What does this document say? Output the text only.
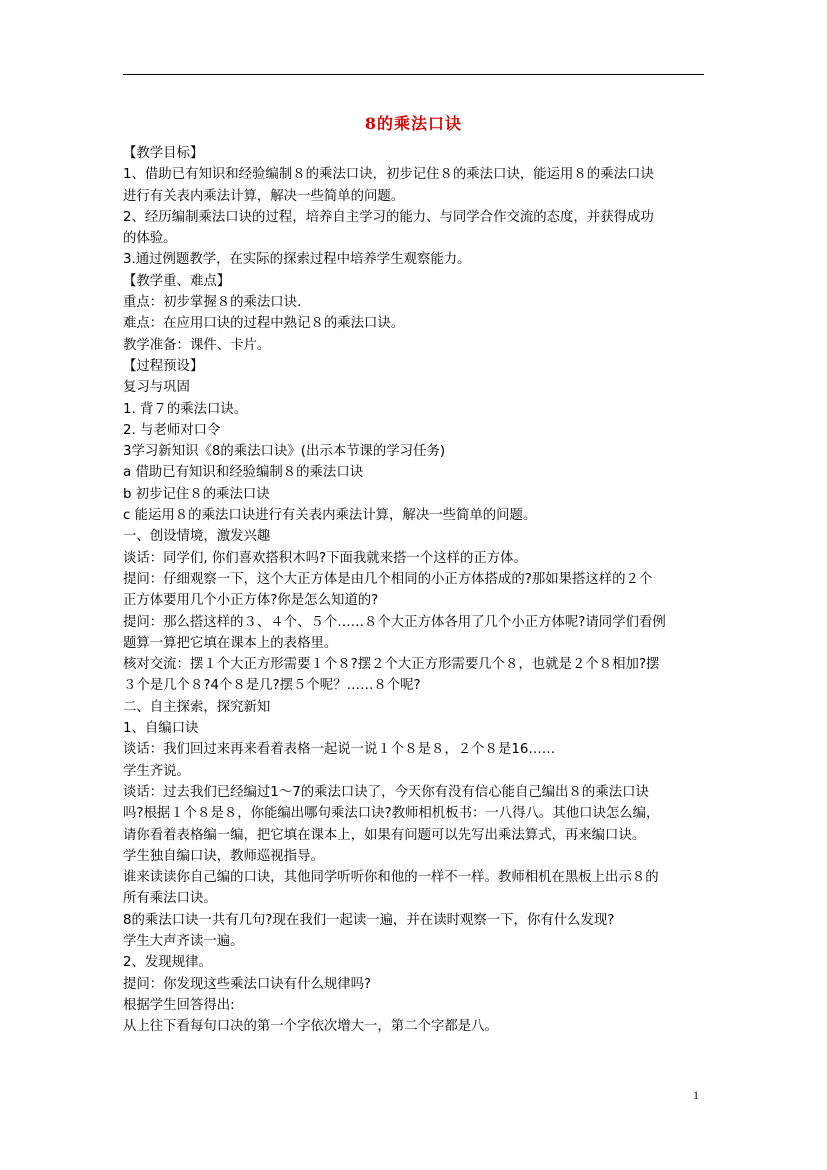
8的乘法口诀

【教学目标】

1、借助已有知识和经验编制８的乘法口诀，初步记住８的乘法口诀，能运用８的乘法口诀

进行有关表内乘法计算，解决一些简单的问题。

2、经历编制乘法口诀的过程，培养自主学习的能力、与同学合作交流的态度，并获得成功

的体验。

3.通过例题教学，在实际的探索过程中培养学生观察能力。

【教学重、难点】

重点：初步掌握８的乘法口诀.

难点：在应用口诀的过程中熟记８的乘法口诀。

教学准备：课件、卡片。

【过程预设】

复习与巩固

1. 背７的乘法口诀。

2. 与老师对口令

3学习新知识《8的乘法口诀》(出示本节课的学习任务)

a 借助已有知识和经验编制８的乘法口诀

b 初步记住８的乘法口诀

c 能运用８的乘法口诀进行有关表内乘法计算，解决一些简单的问题。

一、创设情境，激发兴趣

谈话：同学们, 你们喜欢搭积木吗?下面我就来搭一个这样的正方体。

提问：仔细观察一下，这个大正方体是由几个相同的小正方体搭成的?那如果搭这样的２个

正方体要用几个小正方体?你是怎么知道的?

提问：那么搭这样的３、４个、５个……８个大正方体各用了几个小正方体呢?请同学们看例

题算一算把它填在课本上的表格里。

核对交流：摆１个大正方形需要１个８?摆２个大正方形需要几个８，也就是２个８相加?摆

３个是几个８?4个８是几?摆５个呢？……８个呢?

二、自主探索，探究新知

1、自编口诀

谈话：我们回过来再来看着表格一起说一说１个８是８，２个８是16……

学生齐说。

谈话：过去我们已经编过1～7的乘法口诀了，今天你有没有信心能自己编出８的乘法口诀

吗?根据１个８是８，你能编出哪句乘法口诀?教师相机板书：一八得八。其他口诀怎么编，

请你看着表格编一编，把它填在课本上，如果有问题可以先写出乘法算式，再来编口诀。

学生独自编口诀，教师巡视指导。

谁来读读你自己编的口诀，其他同学听听你和他的一样不一样。教师相机在黑板上出示８的

所有乘法口诀。

8的乘法口诀一共有几句?现在我们一起读一遍，并在读时观察一下，你有什么发现?

学生大声齐读一遍。

2、发现规律。

提问：你发现这些乘法口诀有什么规律吗?

根据学生回答得出:

从上往下看每句口决的第一个字依次增大一，第二个字都是八。

1
